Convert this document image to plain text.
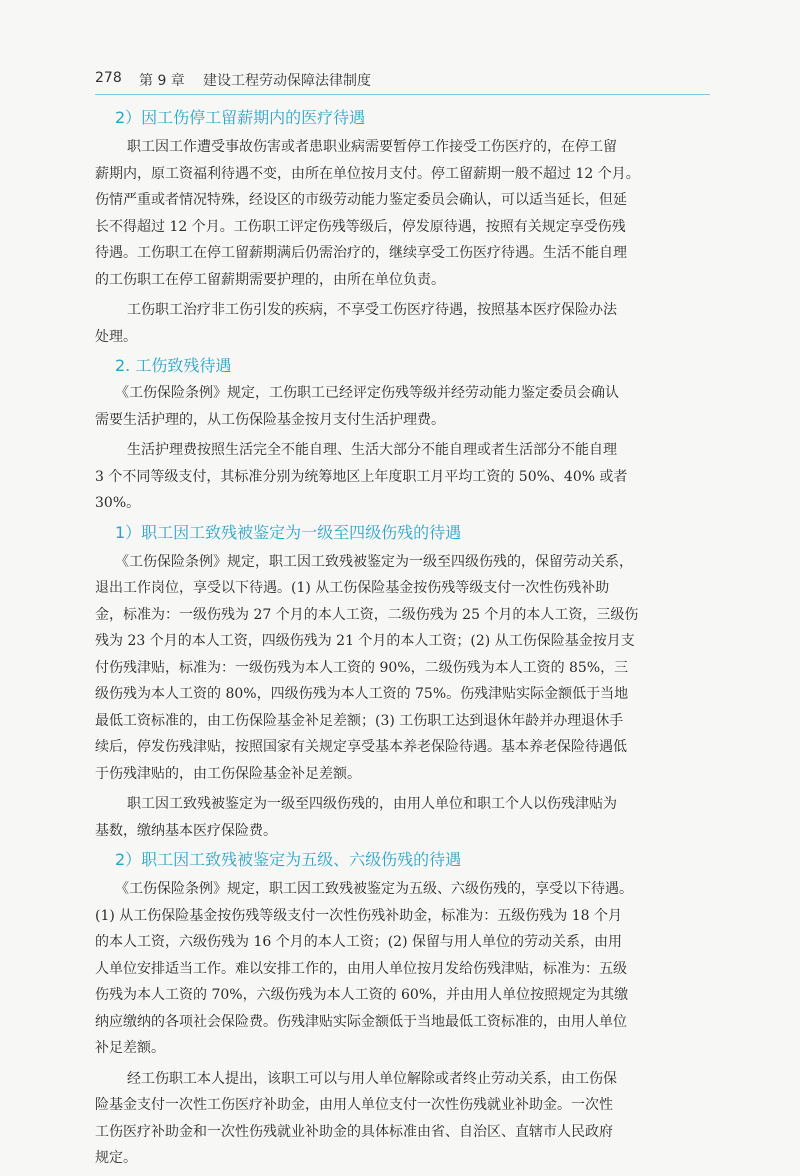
278 第 9 章 建设工程劳动保障法律制度
2）因工伤停工留薪期内的医疗待遇
职工因工作遭受事故伤害或者患职业病需要暂停工作接受工伤医疗的，在停工留
薪期内，原工资福利待遇不变，由所在单位按月支付。停工留薪期一般不超过 12 个月。
伤情严重或者情况特殊，经设区的市级劳动能力鉴定委员会确认，可以适当延长，但延
长不得超过 12 个月。工伤职工评定伤残等级后，停发原待遇，按照有关规定享受伤残
待遇。工伤职工在停工留薪期满后仍需治疗的，继续享受工伤医疗待遇。生活不能自理
的工伤职工在停工留薪期需要护理的，由所在单位负责。
工伤职工治疗非工伤引发的疾病，不享受工伤医疗待遇，按照基本医疗保险办法
处理。
2. 工伤致残待遇
《工伤保险条例》规定，工伤职工已经评定伤残等级并经劳动能力鉴定委员会确认
需要生活护理的，从工伤保险基金按月支付生活护理费。
生活护理费按照生活完全不能自理、生活大部分不能自理或者生活部分不能自理
3 个不同等级支付，其标准分别为统筹地区上年度职工月平均工资的 50%、40% 或者
30%。
1）职工因工致残被鉴定为一级至四级伤残的待遇
《工伤保险条例》规定，职工因工致残被鉴定为一级至四级伤残的，保留劳动关系，
退出工作岗位，享受以下待遇。(1) 从工伤保险基金按伤残等级支付一次性伤残补助
金，标准为：一级伤残为 27 个月的本人工资，二级伤残为 25 个月的本人工资，三级伤
残为 23 个月的本人工资，四级伤残为 21 个月的本人工资；(2) 从工伤保险基金按月支
付伤残津贴，标准为：一级伤残为本人工资的 90%，二级伤残为本人工资的 85%，三
级伤残为本人工资的 80%，四级伤残为本人工资的 75%。伤残津贴实际金额低于当地
最低工资标准的，由工伤保险基金补足差额；(3) 工伤职工达到退休年龄并办理退休手
续后，停发伤残津贴，按照国家有关规定享受基本养老保险待遇。基本养老保险待遇低
于伤残津贴的，由工伤保险基金补足差额。
职工因工致残被鉴定为一级至四级伤残的，由用人单位和职工个人以伤残津贴为
基数，缴纳基本医疗保险费。
2）职工因工致残被鉴定为五级、六级伤残的待遇
《工伤保险条例》规定，职工因工致残被鉴定为五级、六级伤残的，享受以下待遇。
(1) 从工伤保险基金按伤残等级支付一次性伤残补助金，标准为：五级伤残为 18 个月
的本人工资，六级伤残为 16 个月的本人工资；(2) 保留与用人单位的劳动关系，由用
人单位安排适当工作。难以安排工作的，由用人单位按月发给伤残津贴，标准为：五级
伤残为本人工资的 70%，六级伤残为本人工资的 60%，并由用人单位按照规定为其缴
纳应缴纳的各项社会保险费。伤残津贴实际金额低于当地最低工资标准的，由用人单位
补足差额。
经工伤职工本人提出，该职工可以与用人单位解除或者终止劳动关系，由工伤保
险基金支付一次性工伤医疗补助金，由用人单位支付一次性伤残就业补助金。一次性
工伤医疗补助金和一次性伤残就业补助金的具体标准由省、自治区、直辖市人民政府
规定。
